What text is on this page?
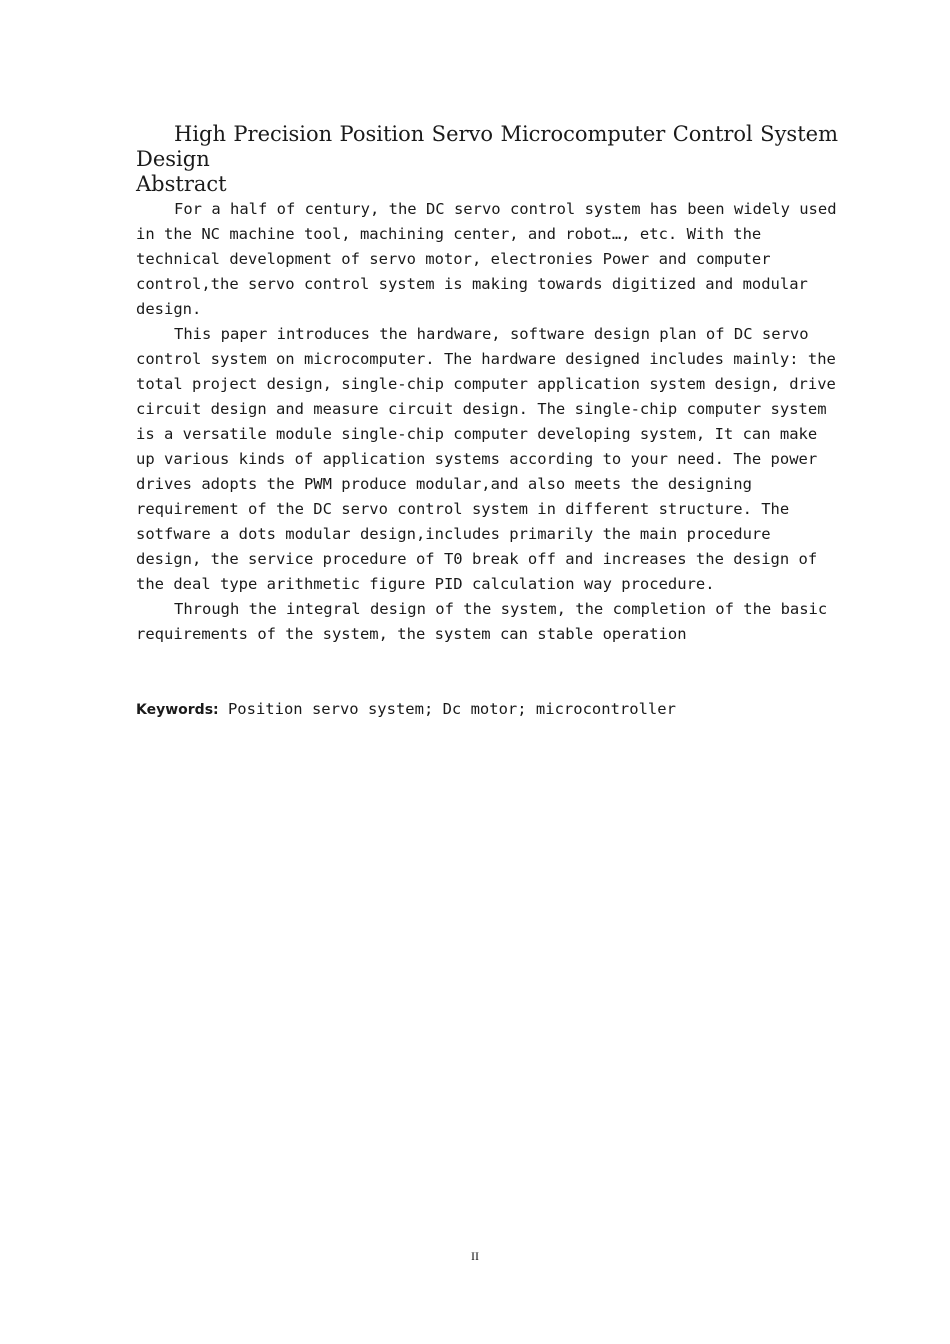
High Precision Position Servo Microcomputer Control System Design
Abstract

For a half of century, the DC servo control system has been widely used in the NC machine tool, machining center, and robot…, etc. With the technical development of servo motor, electronies Power and computer control,the servo control system is making towards digitized and modular design.

This paper introduces the hardware, software design plan of DC servo control system on microcomputer. The hardware designed includes mainly: the total project design, single-chip computer application system design, drive circuit design and measure circuit design. The single-chip computer system is a versatile module single-chip computer developing system, It can make up various kinds of application systems according to your need. The power drives adopts the PWM produce modular,and also meets the designing requirement of the DC servo control system in different structure. The sotfware a dots modular design,includes primarily the main procedure design, the service procedure of T0 break off and increases the design of the deal type arithmetic figure PID calculation way procedure.

Through the integral design of the system, the completion of the basic requirements of the system, the system can stable operation

Keywords: Position servo system; Dc motor; microcontroller

II
